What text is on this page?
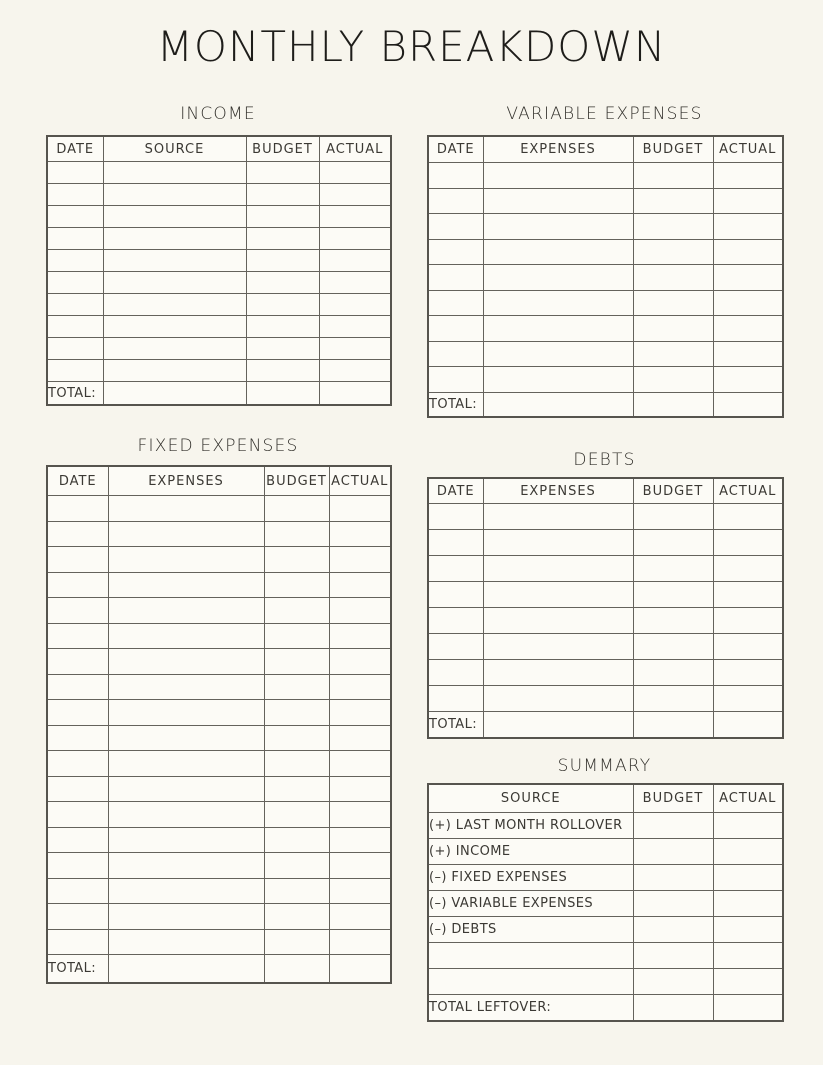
MONTHLY BREAKDOWN
INCOME
DATE	SOURCE	BUDGET	ACTUAL

TOTAL:			
VARIABLE EXPENSES
DATE	EXPENSES	BUDGET	ACTUAL

TOTAL:			
FIXED EXPENSES
DATE	EXPENSES	BUDGET	ACTUAL

TOTAL:			
DEBTS
DATE	EXPENSES	BUDGET	ACTUAL

TOTAL:			
SUMMARY
SOURCE	BUDGET	ACTUAL
(+) LAST MONTH ROLLOVER		
(+) INCOME		
(–) FIXED EXPENSES		
(–) VARIABLE EXPENSES		
(–) DEBTS		

TOTAL LEFTOVER:		
